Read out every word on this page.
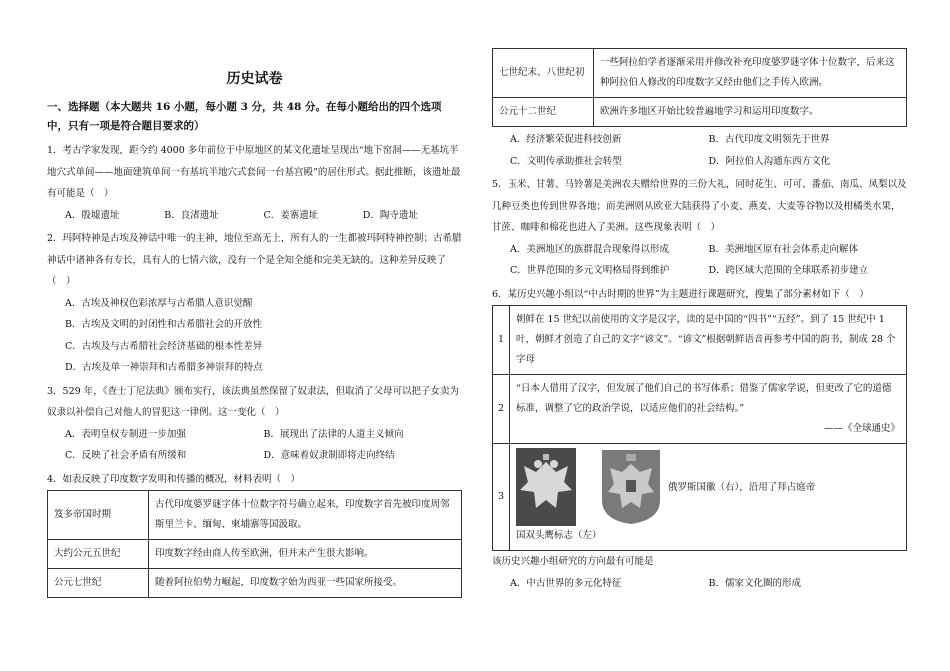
历史试卷
一、选择题（本大题共 16 小题，每小题 3 分，共 48 分。在每小题给出的四个选项中，只有一项是符合题目要求的）

1．考古学家发现，距今约 4000 多年前位于中原地区的某文化遗址呈现出“地下窑洞——无基坑半地穴式单间——地面建筑单间一有基坑半地穴式套间一台基宫殿”的居住形式。据此推断，该遗址最有可能是（　）

A．殷墟遗址	B．良渚遗址	C．姜寨遗址	D．陶寺遗址

2．玛阿特神是古埃及神话中唯一的主神，地位至高无上，所有人的一生都被玛阿特神控制；古希腊神话中诸神各有专长，具有人的七情六欲，没有一个是全知全能和完美无缺的。这种差异反映了（　）

A．古埃及神权色彩浓厚与古希腊人意识觉醒
B．古埃及文明的封闭性和古希腊社会的开放性
C．古埃及与古希腊社会经济基础的根本性差异
D．古埃及单一神崇拜和古希腊多神崇拜的特点

3．529 年，《查士丁尼法典》颁布实行，该法典虽然保留了奴隶法，但取消了父母可以把子女卖为奴隶以补偿自己对他人的冒犯这一律例。这一变化（　）

A．表明皇权专制进一步加强	B．展现出了法律的人道主义倾向
C．反映了社会矛盾有所缓和	D．意味着奴隶制即将走向终结

4．如表反映了印度数字发明和传播的概况，材料表明（　）

笈多帝国时期	古代印度婆罗谜字体十位数字符号确立起来，印度数字首先被印度周邻斯里兰卡、缅甸、柬埔寨等国汲取。
大约公元五世纪	印度数字经由商人传至欧洲，但并未产生很大影响。
公元七世纪	随着阿拉伯势力崛起，印度数字始为西亚一些国家所接受。
七世纪末、八世纪初	一些阿拉伯学者逐渐采用并修改补充印度婆罗谜字体十位数字，后来这种阿拉伯人修改的印度数字又经由他们之手传入欧洲。
公元十二世纪	欧洲许多地区开始比较普遍地学习和运用印度数字。
A．经济繁荣促进科技创新	B．古代印度文明领先于世界
C．文明传承助推社会转型	D．阿拉伯人沟通东西方文化

5．玉米、甘薯、马铃薯是美洲农夫赠给世界的三份大礼，同时花生、可可、番茄、南瓜、凤梨以及几种豆类也传到世界各地；而美洲则从欧亚大陆获得了小麦、燕麦、大麦等谷物以及柑橘类水果，甘蔗、咖啡和棉花也进入了美洲。这些现象表明（　）

A．美洲地区的族群混合现象得以形成	B．美洲地区原有社会体系走向解体
C．世界范围的多元文明格局得到维护	D．跨区域大范围的全球联系初步建立

6．某历史兴趣小组以“中古时期的世界”为主题进行课题研究，搜集了部分素材如下（　）

1	朝鲜在 15 世纪以前使用的文字是汉字，读的是中国的“四书”“五经”。到了 15 世纪中 1 叶，朝鲜才创造了自己的文字“谚文”。“谚文”根据朝鲜语音再参考中国的韵书，制成 28 个字母
2	“日本人借用了汉字，但发展了他们自己的书写体系；借鉴了儒家学说，但更改了它的道德标准，调整了它的政治学说，以适应他们的社会结构。”
——《全球通史》

3	俄罗斯国徽（右），沿用了拜占庭帝
国双头鹰标志（左）

该历史兴趣小组研究的方向最有可能是

A．中古世界的多元化特征	B．儒家文化圈的形成
